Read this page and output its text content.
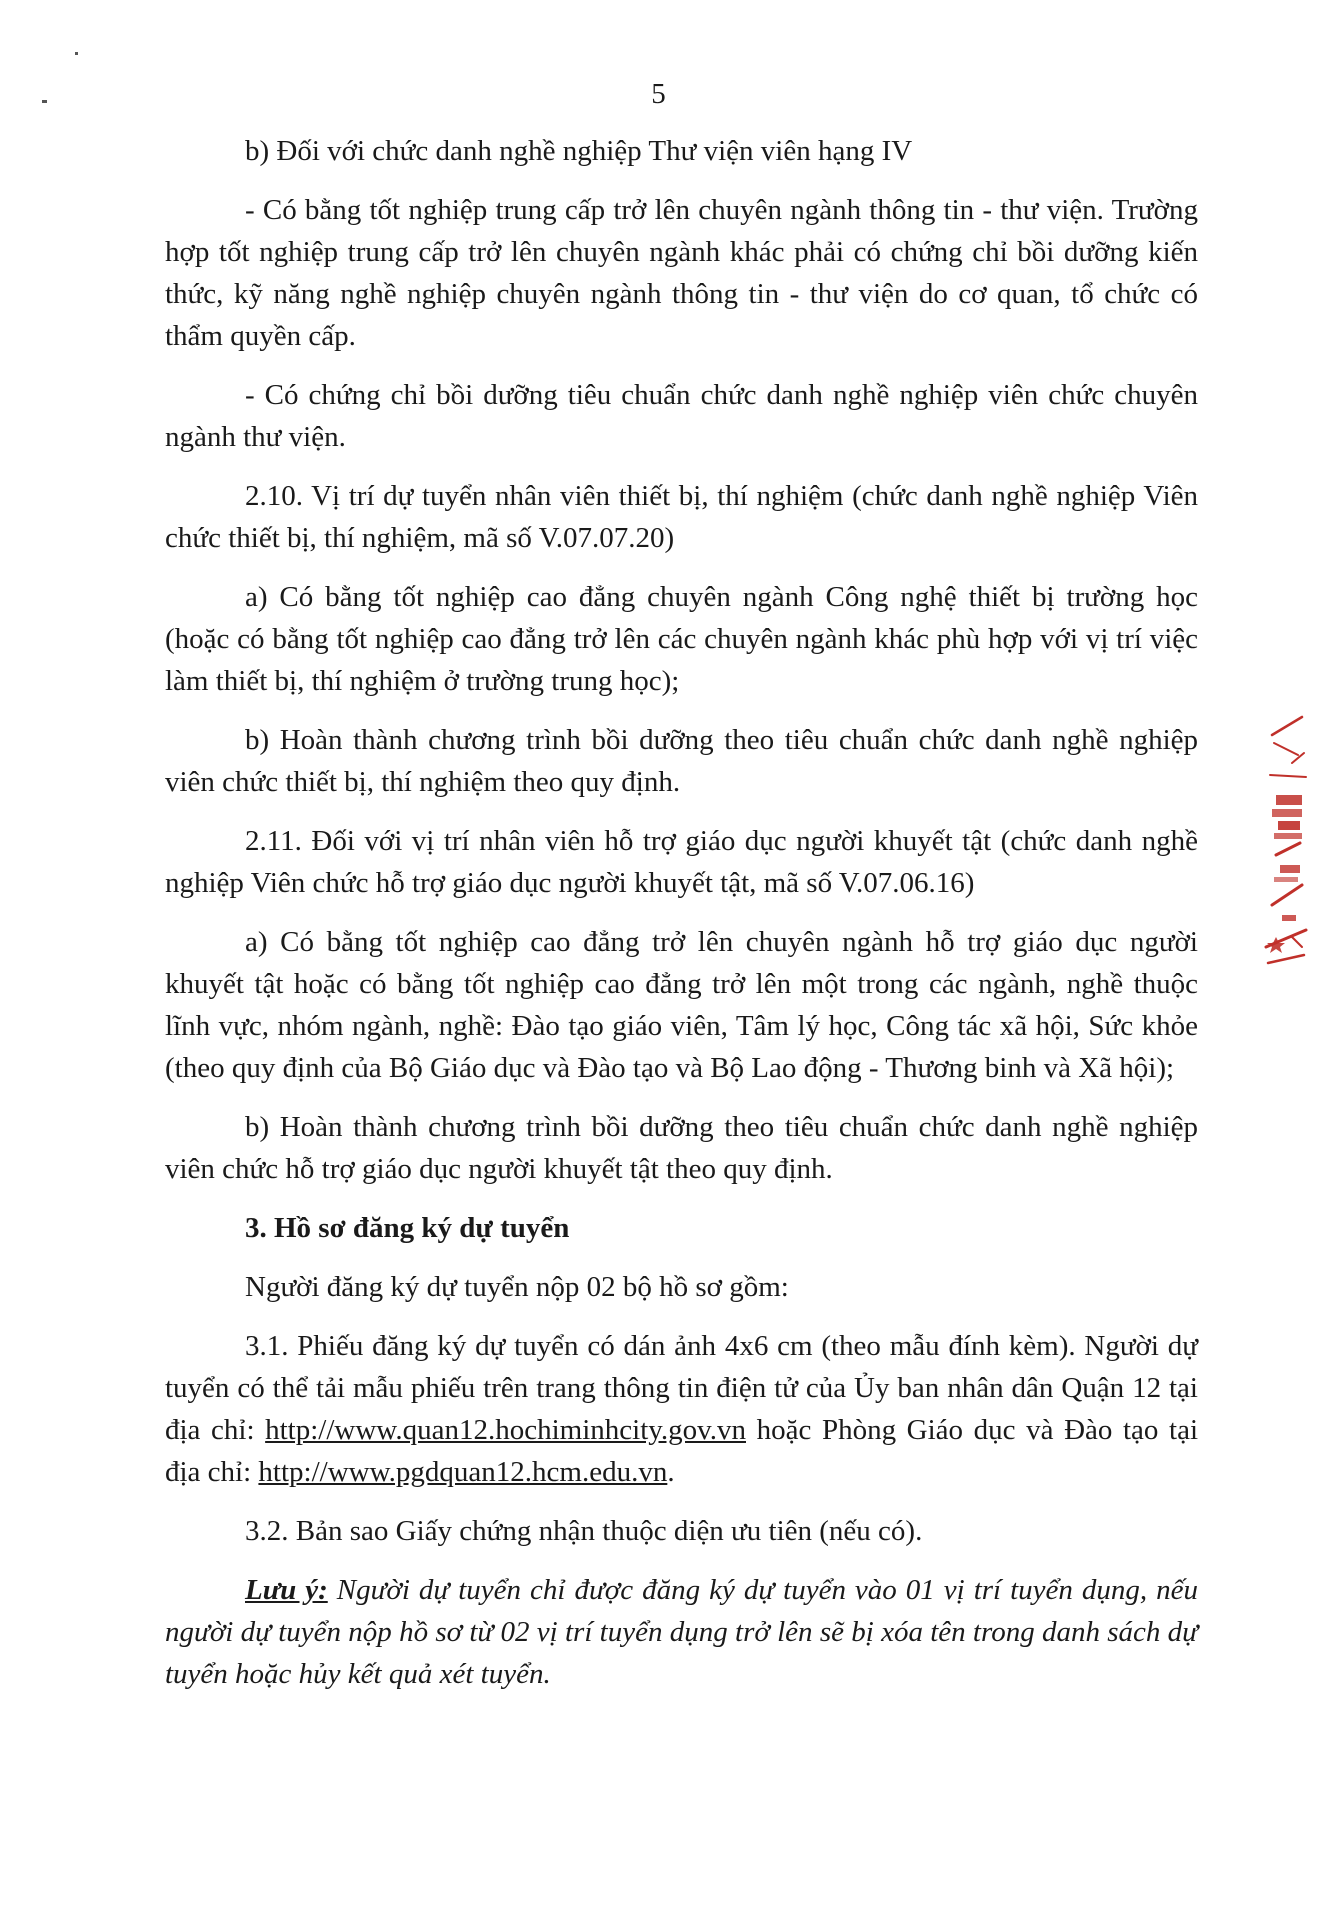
5

b) Đối với chức danh nghề nghiệp Thư viện viên hạng IV

- Có bằng tốt nghiệp trung cấp trở lên chuyên ngành thông tin - thư viện. Trường hợp tốt nghiệp trung cấp trở lên chuyên ngành khác phải có chứng chỉ bồi dưỡng kiến thức, kỹ năng nghề nghiệp chuyên ngành thông tin - thư viện do cơ quan, tổ chức có thẩm quyền cấp.

- Có chứng chỉ bồi dưỡng tiêu chuẩn chức danh nghề nghiệp viên chức chuyên ngành thư viện.

2.10. Vị trí dự tuyển nhân viên thiết bị, thí nghiệm (chức danh nghề nghiệp Viên chức thiết bị, thí nghiệm, mã số V.07.07.20)

a) Có bằng tốt nghiệp cao đẳng chuyên ngành Công nghệ thiết bị trường học (hoặc có bằng tốt nghiệp cao đẳng trở lên các chuyên ngành khác phù hợp với vị trí việc làm thiết bị, thí nghiệm ở trường trung học);

b) Hoàn thành chương trình bồi dưỡng theo tiêu chuẩn chức danh nghề nghiệp viên chức thiết bị, thí nghiệm theo quy định.

2.11. Đối với vị trí nhân viên hỗ trợ giáo dục người khuyết tật (chức danh nghề nghiệp Viên chức hỗ trợ giáo dục người khuyết tật, mã số V.07.06.16)

a) Có bằng tốt nghiệp cao đẳng trở lên chuyên ngành hỗ trợ giáo dục người khuyết tật hoặc có bằng tốt nghiệp cao đẳng trở lên một trong các ngành, nghề thuộc lĩnh vực, nhóm ngành, nghề: Đào tạo giáo viên, Tâm lý học, Công tác xã hội, Sức khỏe (theo quy định của Bộ Giáo dục và Đào tạo và Bộ Lao động - Thương binh và Xã hội);

b) Hoàn thành chương trình bồi dưỡng theo tiêu chuẩn chức danh nghề nghiệp viên chức hỗ trợ giáo dục người khuyết tật theo quy định.

3. Hồ sơ đăng ký dự tuyển

Người đăng ký dự tuyển nộp 02 bộ hồ sơ gồm:

3.1. Phiếu đăng ký dự tuyển có dán ảnh 4x6 cm (theo mẫu đính kèm). Người dự tuyển có thể tải mẫu phiếu trên trang thông tin điện tử của Ủy ban nhân dân Quận 12 tại địa chỉ: http://www.quan12.hochiminhcity.gov.vn hoặc Phòng Giáo dục và Đào tạo tại địa chỉ: http://www.pgdquan12.hcm.edu.vn.

3.2. Bản sao Giấy chứng nhận thuộc diện ưu tiên (nếu có).

Lưu ý: Người dự tuyển chỉ được đăng ký dự tuyển vào 01 vị trí tuyển dụng, nếu người dự tuyển nộp hồ sơ từ 02 vị trí tuyển dụng trở lên sẽ bị xóa tên trong danh sách dự tuyển hoặc hủy kết quả xét tuyển.
